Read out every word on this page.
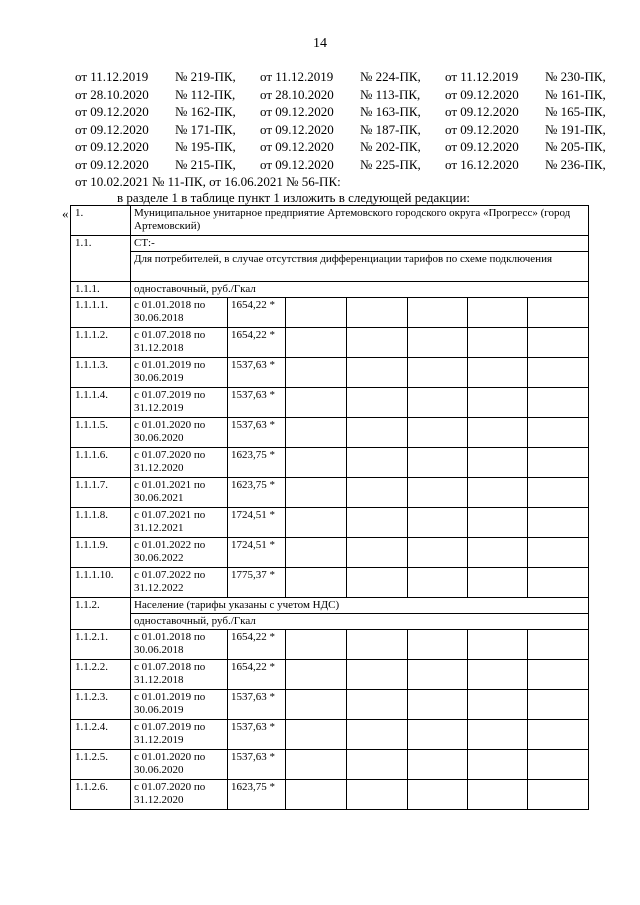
14
от 11.12.2019	№ 219-ПК,	от 11.12.2019	№ 224-ПК,	от 11.12.2019	№ 230-ПК,
от 28.10.2020	№ 112-ПК,	от 28.10.2020	№ 113-ПК,	от 09.12.2020	№ 161-ПК,
от 09.12.2020	№ 162-ПК,	от 09.12.2020	№ 163-ПК,	от 09.12.2020	№ 165-ПК,
от 09.12.2020	№ 171-ПК,	от 09.12.2020	№ 187-ПК,	от 09.12.2020	№ 191-ПК,
от 09.12.2020	№ 195-ПК,	от 09.12.2020	№ 202-ПК,	от 09.12.2020	№ 205-ПК,
от 09.12.2020	№ 215-ПК,	от 09.12.2020	№ 225-ПК,	от 16.12.2020	№ 236-ПК,
от 10.02.2021 № 11-ПК, от 16.06.2021 № 56-ПК:
в разделе 1 в таблице пункт 1 изложить в следующей редакции:
« 1.	Муниципальное унитарное предприятие Артемовского городского округа «Прогресс» (город Артемовский)						
1.1.	СТ:-						
	Для потребителей, в случае отсутствия дифференциации тарифов по схеме подключения						
1.1.1.	одноставочный, руб./Гкал						
1.1.1.1.	с 01.01.2018 по 30.06.2018	1654,22 *					
1.1.1.2.	с 01.07.2018 по 31.12.2018	1654,22 *					
1.1.1.3.	с 01.01.2019 по 30.06.2019	1537,63 *					
1.1.1.4.	с 01.07.2019 по 31.12.2019	1537,63 *					
1.1.1.5.	с 01.01.2020 по 30.06.2020	1537,63 *					
1.1.1.6.	с 01.07.2020 по 31.12.2020	1623,75 *					
1.1.1.7.	с 01.01.2021 по 30.06.2021	1623,75 *					
1.1.1.8.	с 01.07.2021 по 31.12.2021	1724,51 *					
1.1.1.9.	с 01.01.2022 по 30.06.2022	1724,51 *					
1.1.1.10.	с 01.07.2022 по 31.12.2022	1775,37 *					
1.1.2.	Население (тарифы указаны с учетом НДС)						
	одноставочный, руб./Гкал						
1.1.2.1.	с 01.01.2018 по 30.06.2018	1654,22 *					
1.1.2.2.	с 01.07.2018 по 31.12.2018	1654,22 *					
1.1.2.3.	с 01.01.2019 по 30.06.2019	1537,63 *					
1.1.2.4.	с 01.07.2019 по 31.12.2019	1537,63 *					
1.1.2.5.	с 01.01.2020 по 30.06.2020	1537,63 *					
1.1.2.6.	с 01.07.2020 по 31.12.2020	1623,75 *					
